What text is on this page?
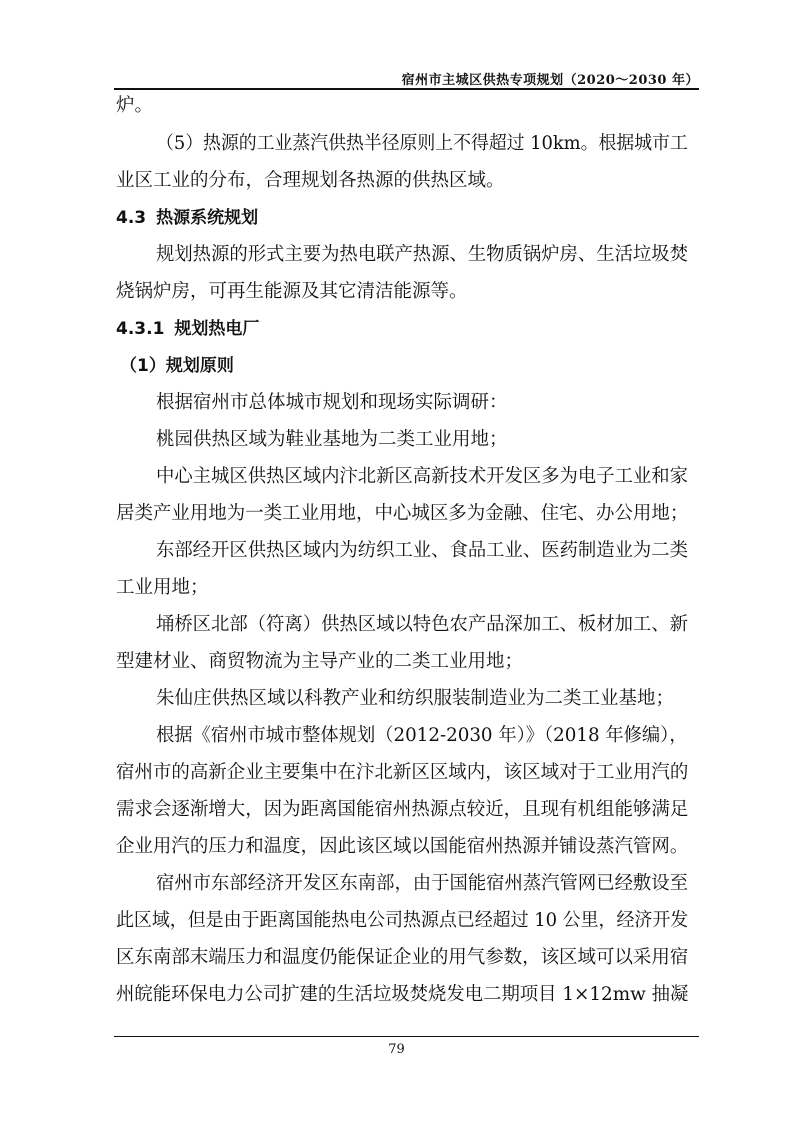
宿州市主城区供热专项规划（2020～2030 年）
炉。
（5）热源的工业蒸汽供热半径原则上不得超过 10km。根据城市工
业区工业的分布，合理规划各热源的供热区域。
4.3 热源系统规划
规划热源的形式主要为热电联产热源、生物质锅炉房、生活垃圾焚
烧锅炉房，可再生能源及其它清洁能源等。
4.3.1 规划热电厂
（1）规划原则
根据宿州市总体城市规划和现场实际调研：
桃园供热区域为鞋业基地为二类工业用地；
中心主城区供热区域内汴北新区高新技术开发区多为电子工业和家
居类产业用地为一类工业用地，中心城区多为金融、住宅、办公用地；
东部经开区供热区域内为纺织工业、食品工业、医药制造业为二类
工业用地；
埇桥区北部（符离）供热区域以特色农产品深加工、板材加工、新
型建材业、商贸物流为主导产业的二类工业用地；
朱仙庄供热区域以科教产业和纺织服装制造业为二类工业基地；
根据《宿州市城市整体规划（2012-2030 年）》（2018 年修编），
宿州市的高新企业主要集中在汴北新区区域内，该区域对于工业用汽的
需求会逐渐增大，因为距离国能宿州热源点较近，且现有机组能够满足
企业用汽的压力和温度，因此该区域以国能宿州热源并铺设蒸汽管网。
宿州市东部经济开发区东南部，由于国能宿州蒸汽管网已经敷设至
此区域，但是由于距离国能热电公司热源点已经超过 10 公里，经济开发
区东南部末端压力和温度仍能保证企业的用气参数，该区域可以采用宿
州皖能环保电力公司扩建的生活垃圾焚烧发电二期项目 1×12mw 抽凝
79
